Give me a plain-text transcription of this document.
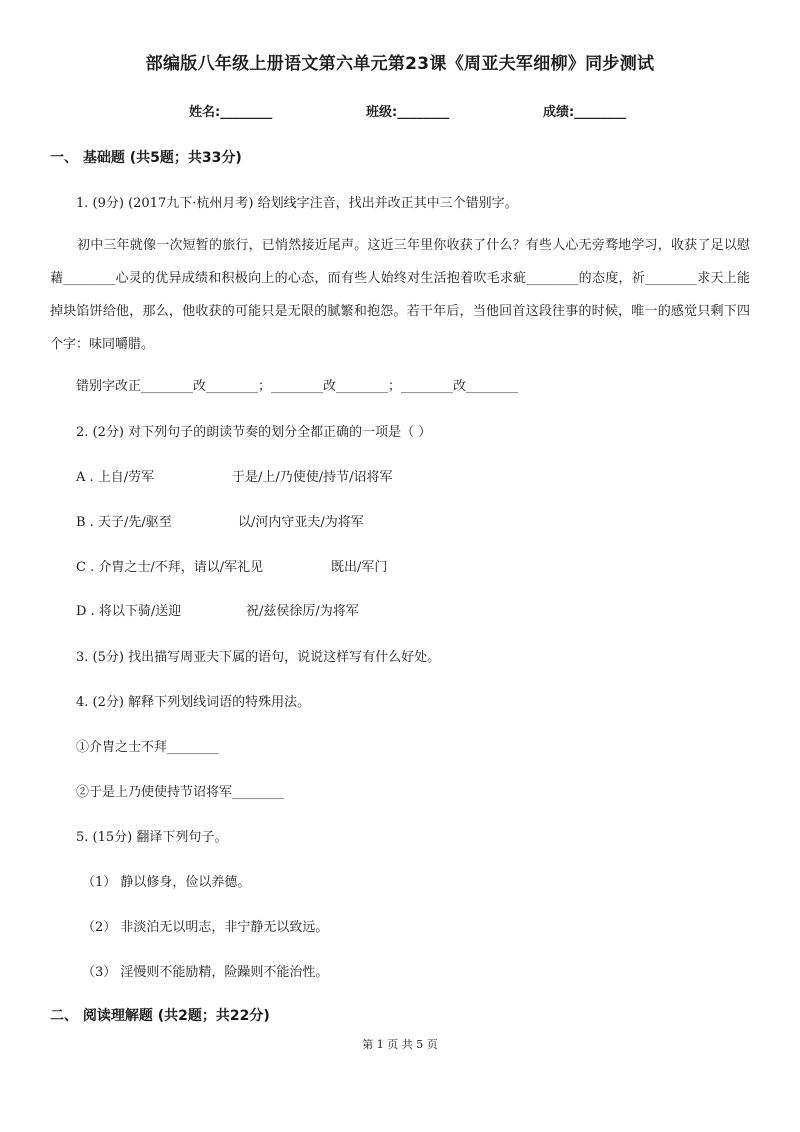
部编版八年级上册语文第六单元第23课《周亚夫军细柳》同步测试
姓名:________	班级:________	成绩:________
一、 基础题 (共5题；共33分)
1. (9分) (2017九下·杭州月考) 给划线字注音，找出并改正其中三个错别字。
初中三年就像一次短暂的旅行，已悄然接近尾声。这近三年里你收获了什么？有些人心无旁骛地学习，收获了足以慰藉________心灵的优异成绩和积极向上的心态，而有些人始终对生活抱着吹毛求疵________的态度，祈________求天上能掉块馅饼给他，那么，他收获的可能只是无限的腻繁和抱怨。若干年后，当他回首这段往事的时候，唯一的感觉只剩下四个字：味同嚼腊。
错别字改正________改________；________改________；________改________
2. (2分) 对下列句子的朗读节奏的划分全都正确的一项是（ ）
A . 上自/劳军	于是/上/乃使使/持节/诏将军
B . 天子/先/驱至	以/河内守亚夫/为将军
C . 介胄之士/不拜，请以/军礼见	既出/军门
D . 将以下骑/送迎	祝/兹侯徐厉/为将军
3. (5分) 找出描写周亚夫下属的语句，说说这样写有什么好处。
4. (2分) 解释下列划线词语的特殊用法。
①介胄之士不拜________
②于是上乃使使持节诏将军________
5. (15分) 翻译下列句子。
（1） 静以修身，俭以养德。
（2） 非淡泊无以明志，非宁静无以致远。
（3） 淫慢则不能励精，险躁则不能治性。
二、 阅读理解题 (共2题；共22分)
第 1 页 共 5 页
